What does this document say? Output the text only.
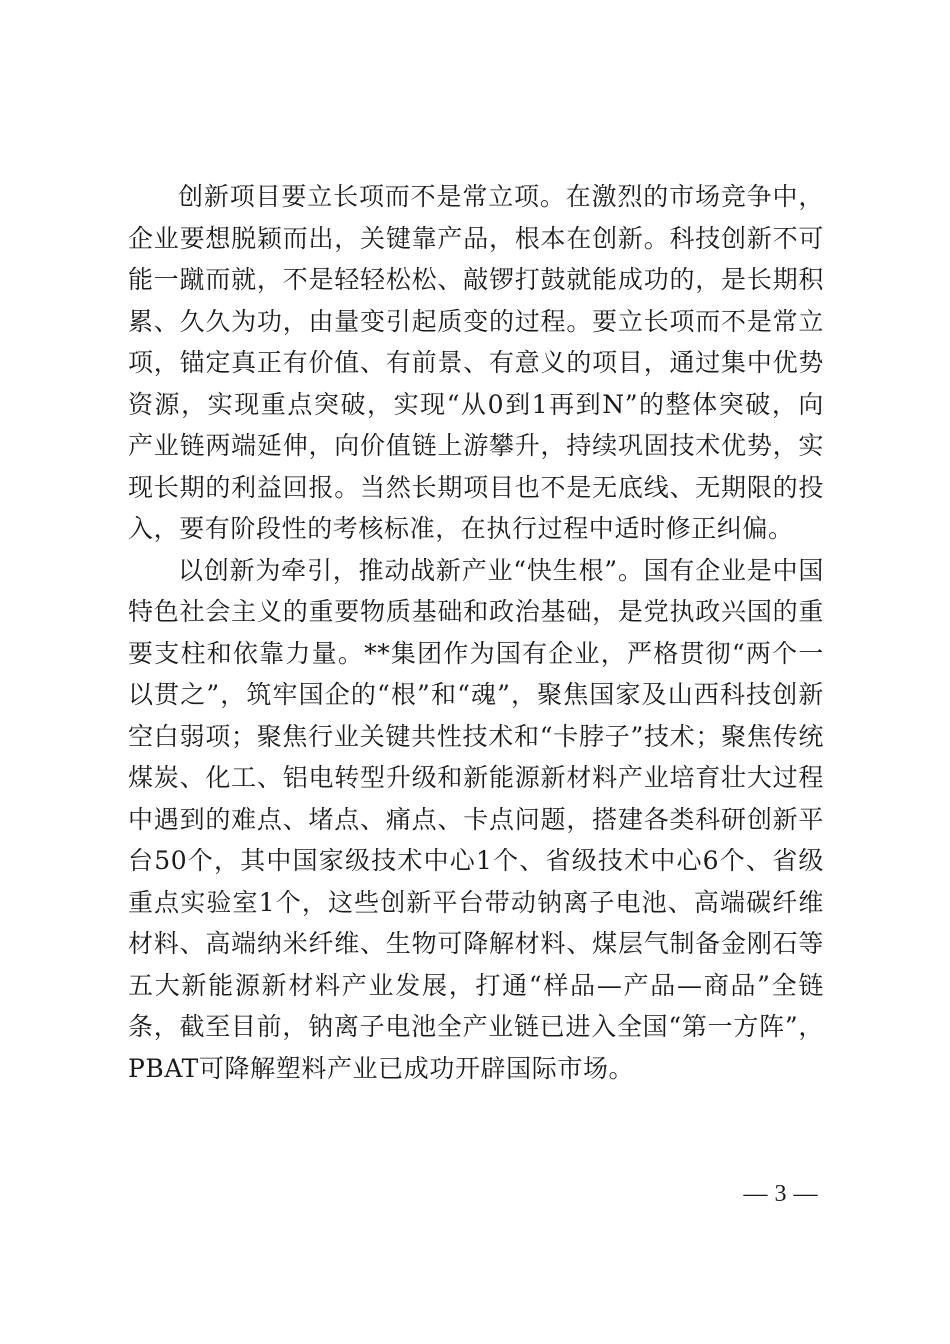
创新项目要立长项而不是常立项。在激烈的市场竞争中，企业要想脱颖而出，关键靠产品，根本在创新。科技创新不可能一蹴而就，不是轻轻松松、敲锣打鼓就能成功的，是长期积累、久久为功，由量变引起质变的过程。要立长项而不是常立项，锚定真正有价值、有前景、有意义的项目，通过集中优势资源，实现重点突破，实现“从0到1再到N”的整体突破，向产业链两端延伸，向价值链上游攀升，持续巩固技术优势，实现长期的利益回报。当然长期项目也不是无底线、无期限的投入，要有阶段性的考核标准，在执行过程中适时修正纠偏。

以创新为牵引，推动战新产业“快生根”。国有企业是中国特色社会主义的重要物质基础和政治基础，是党执政兴国的重要支柱和依靠力量。**集团作为国有企业，严格贯彻“两个一以贯之”，筑牢国企的“根”和“魂”，聚焦国家及山西科技创新空白弱项；聚焦行业关键共性技术和“卡脖子”技术；聚焦传统煤炭、化工、铝电转型升级和新能源新材料产业培育壮大过程中遇到的难点、堵点、痛点、卡点问题，搭建各类科研创新平台50个，其中国家级技术中心1个、省级技术中心6个、省级重点实验室1个，这些创新平台带动钠离子电池、高端碳纤维材料、高端纳米纤维、生物可降解材料、煤层气制备金刚石等五大新能源新材料产业发展，打通“样品—产品—商品”全链条，截至目前，钠离子电池全产业链已进入全国“第一方阵”，PBAT可降解塑料产业已成功开辟国际市场。

— 3 —
